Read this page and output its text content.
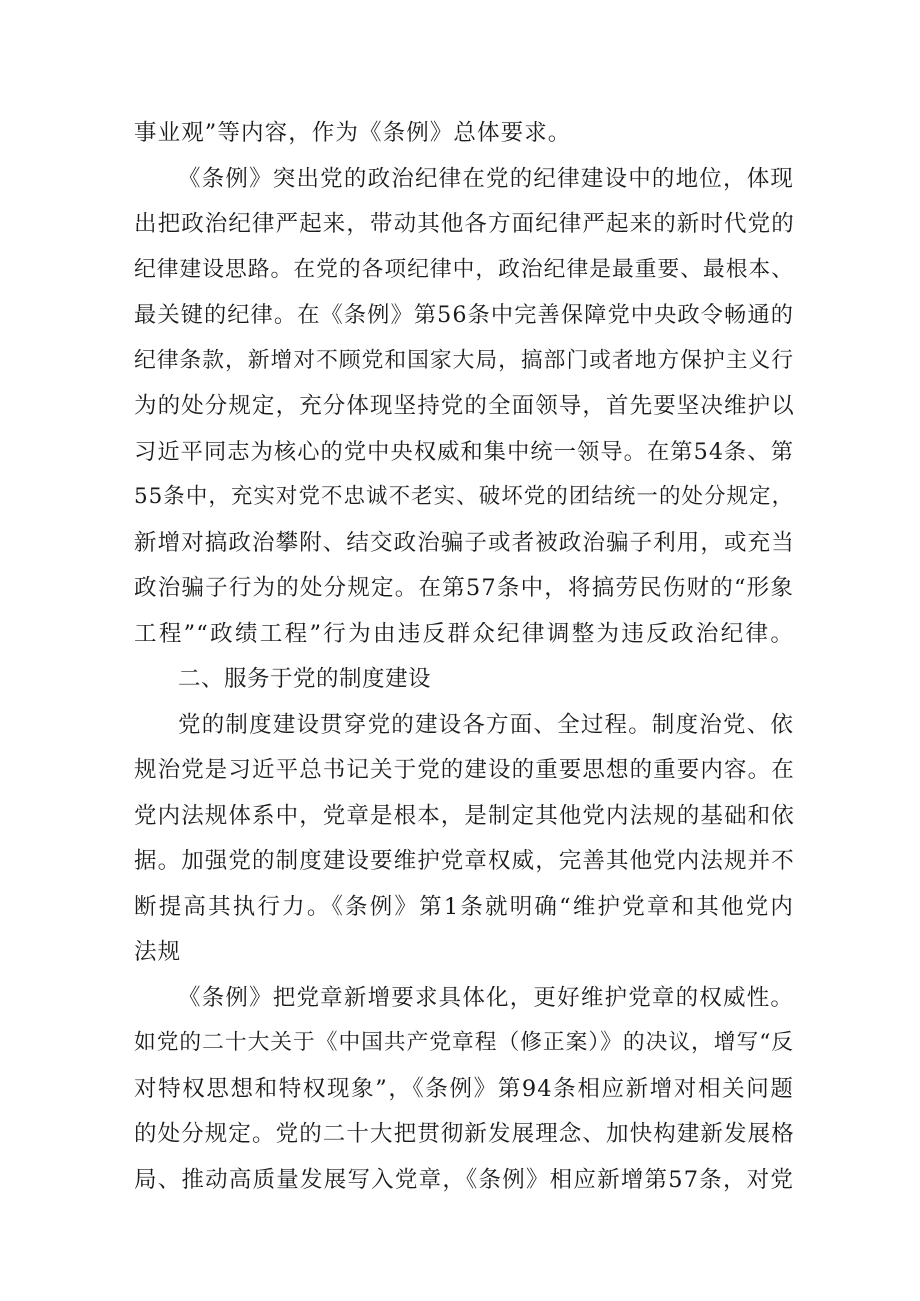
事业观”等内容，作为《条例》总体要求。
《条例》突出党的政治纪律在党的纪律建设中的地位，体现
出把政治纪律严起来，带动其他各方面纪律严起来的新时代党的
纪律建设思路。在党的各项纪律中，政治纪律是最重要、最根本、
最关键的纪律。在《条例》第56条中完善保障党中央政令畅通的
纪律条款，新增对不顾党和国家大局，搞部门或者地方保护主义行
为的处分规定，充分体现坚持党的全面领导，首先要坚决维护以
习近平同志为核心的党中央权威和集中统一领导。在第54条、第
55条中，充实对党不忠诚不老实、破坏党的团结统一的处分规定，
新增对搞政治攀附、结交政治骗子或者被政治骗子利用，或充当
政治骗子行为的处分规定。在第57条中，将搞劳民伤财的“形象
工程”“政绩工程”行为由违反群众纪律调整为违反政治纪律。
二、服务于党的制度建设
党的制度建设贯穿党的建设各方面、全过程。制度治党、依
规治党是习近平总书记关于党的建设的重要思想的重要内容。在
党内法规体系中，党章是根本，是制定其他党内法规的基础和依
据。加强党的制度建设要维护党章权威，完善其他党内法规并不
断提高其执行力。《条例》第1条就明确“维护党章和其他党内
法规
《条例》把党章新增要求具体化，更好维护党章的权威性。
如党的二十大关于《中国共产党章程（修正案）》的决议，增写“反
对特权思想和特权现象”，《条例》第94条相应新增对相关问题
的处分规定。党的二十大把贯彻新发展理念、加快构建新发展格
局、推动高质量发展写入党章，《条例》相应新增第57条，对党
